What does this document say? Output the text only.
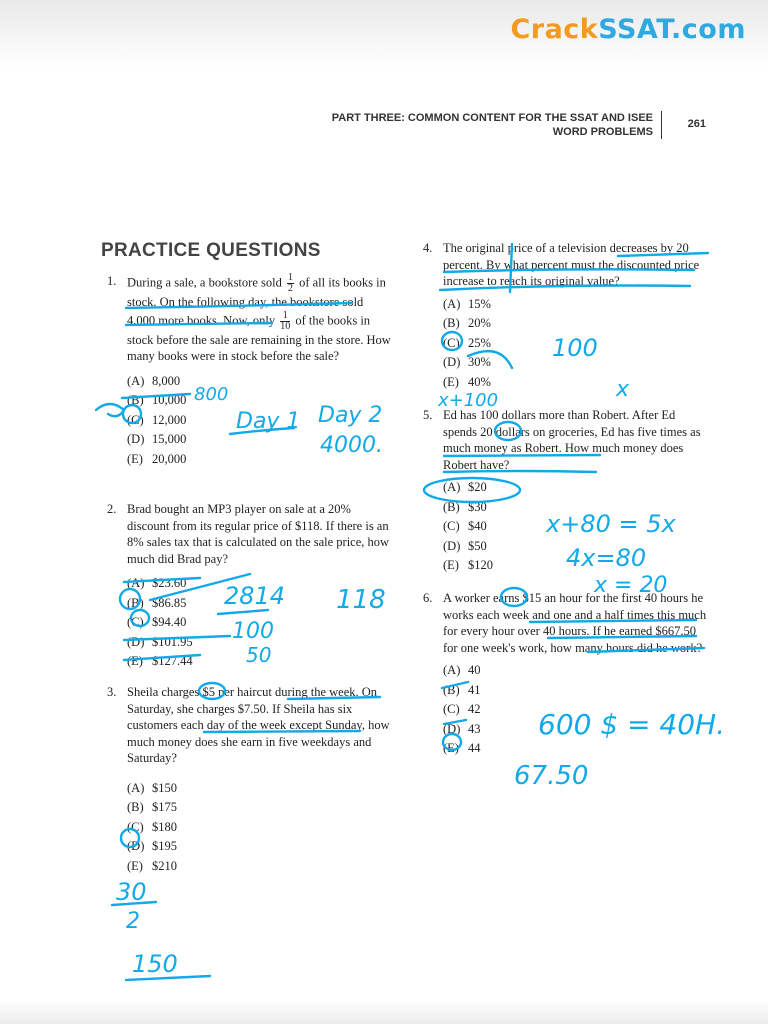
CrackSSAT.com
PART THREE: COMMON CONTENT FOR THE SSAT AND ISEE
WORD PROBLEMS
261
PRACTICE QUESTIONS
1. During a sale, a bookstore sold $\frac{1}{2}$ of all its books in stock. On the following day, the bookstore sold 4,000 more books. Now, only $\frac{1}{10}$ of the books in stock before the sale are remaining in the store. How many books were in stock before the sale?

(A) 8,000
(B) 10,000
(C) 12,000
(D) 15,000
(E) 20,000
2. Brad bought an MP3 player on sale at a 20% discount from its regular price of $118. If there is an 8% sales tax that is calculated on the sale price, how much did Brad pay?

(A) $23.60
(B) $86.85
(C) $94.40
(D) $101.95
(E) $127.44
3. Sheila charges $5 per haircut during the week. On Saturday, she charges $7.50. If Sheila has six customers each day of the week except Sunday, how much money does she earn in five weekdays and Saturday?

(A) $150
(B) $175
(C) $180
(D) $195
(E) $210
4. The original price of a television decreases by 20 percent. By what percent must the discounted price increase to reach its original value?

(A) 15%
(B) 20%
(C) 25%
(D) 30%
(E) 40%
5. Ed has 100 dollars more than Robert. After Ed spends 20 dollars on groceries, Ed has five times as much money as Robert. How much money does Robert have?

(A) $20
(B) $30
(C) $40
(D) $50
(E) $120
6. A worker earns $15 an hour for the first 40 hours he works each week and one and a half times this much for every hour over 40 hours. If he earned $667.50 for one week's work, how many hours did he work?

(A) 40
(B) 41
(C) 42
(D) 43
(E) 44
800
Day 1 Day 2
4000.
2814 118
100
50
30
2
150
100
x
x+100
x+80 = 5x
4x=80
x = 20
600 $ = 40H.
67.50
